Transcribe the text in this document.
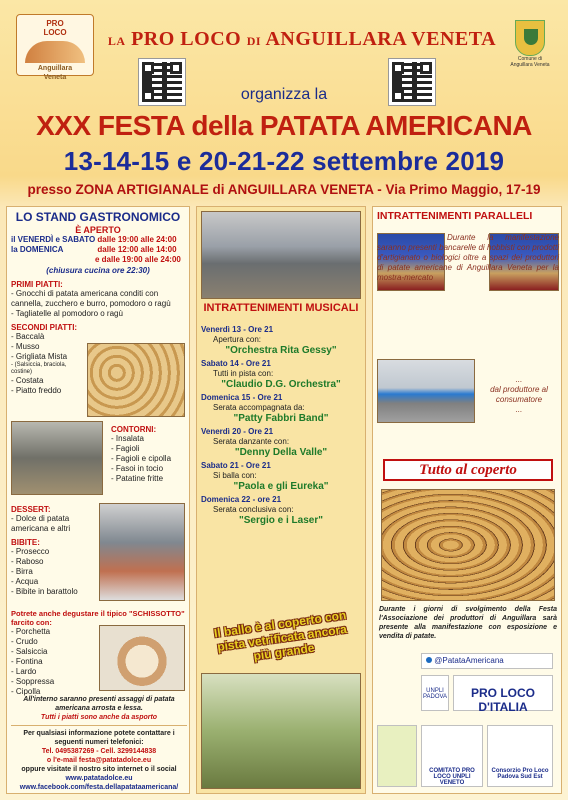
PRO
LOCO
Anguillara
Veneta
LA PRO LOCO DI ANGUILLARA VENETA
Comune di Anguillara Veneta
organizza la
XXX FESTA della PATATA AMERICANA
13-14-15 e 20-21-22 settembre 2019
presso ZONA ARTIGIANALE di ANGUILLARA VENETA - Via Primo Maggio, 17-19
LO STAND GASTRONOMICO
È APERTO
il VENERDÌ e SABATO dalle 19:00 alle 24:00
la DOMENICA	dalle 12:00 alle 14:00
e dalle 19:00 alle 24:00
(chiusura cucina ore 22:30)
PRIMI PIATTI:
- Gnocchi di patata americana conditi con cannella, zucchero e burro, pomodoro o ragù
- Tagliatelle al pomodoro o ragù
SECONDI PIATTI:
- Baccalà
- Musso
- Grigliata Mista
- (Salsiccia, braciola, costine)
- Costata
- Piatto freddo
CONTORNI:
- Insalata
- Fagioli
- Fagioli e cipolla
- Fasoi in tocio
- Patatine fritte
DESSERT:
- Dolce di patata americana e altri
BIBITE:
- Prosecco
- Raboso
- Birra
- Acqua
- Bibite in barattolo
Potrete anche degustare il tipico "SCHISSOTTO" farcito con:
- Porchetta
- Crudo
- Salsiccia
- Fontina
- Lardo
- Soppressa
- Cipolla
All'interno saranno presenti assaggi di patata americana arrosta e lessa.
Tutti i piatti sono anche da asporto
Per qualsiasi informazione potete contattare i seguenti numeri telefonici:
Tel. 0495387269 - Cell. 3299144838
o l'e-mail festa@patatadolce.eu
oppure visitate il nostro sito internet o il social
www.patatadolce.eu
www.facebook.com/festa.dellapatataamericana/
INTRATTENIMENTI MUSICALI
Venerdì 13 - Ore 21
Apertura con:
"Orchestra Rita Gessy"
Sabato 14 - Ore 21
Tutti in pista con:
"Claudio D.G. Orchestra"
Domenica 15 - Ore 21
Serata accompagnata da:
"Patty Fabbri Band"
Venerdì 20 - Ore 21
Serata danzante con:
"Denny Della Valle"
Sabato 21 - Ore 21
Si balla con:
"Paola e gli Eureka"
Domenica 22 - ore 21
Serata conclusiva con:
"Sergio e i Laser"
Il ballo è al coperto con pista vetrificata ancora più grande
INTRATTENIMENTI PARALLELI
Durante la manifestazione saranno presenti bancarelle di hobbisti con prodotti d'artigianato o biologici oltre a spazi dei produttori di patate americane di Anguillara Veneta per la mostra-mercato
...
dal produttore al consumatore
...
Tutto al coperto
Durante i giorni di svolgimento della Festa l'Associazione dei produttori di Anguillara sarà presente alla manifestazione con esposizione e vendita di patate.
@PatataAmericana
UNPLI PADOVA	PRO LOCO D'ITALIA
COMITATO PRO LOCO UNPLI VENETO
Consorzio Pro Loco Padova Sud Est
